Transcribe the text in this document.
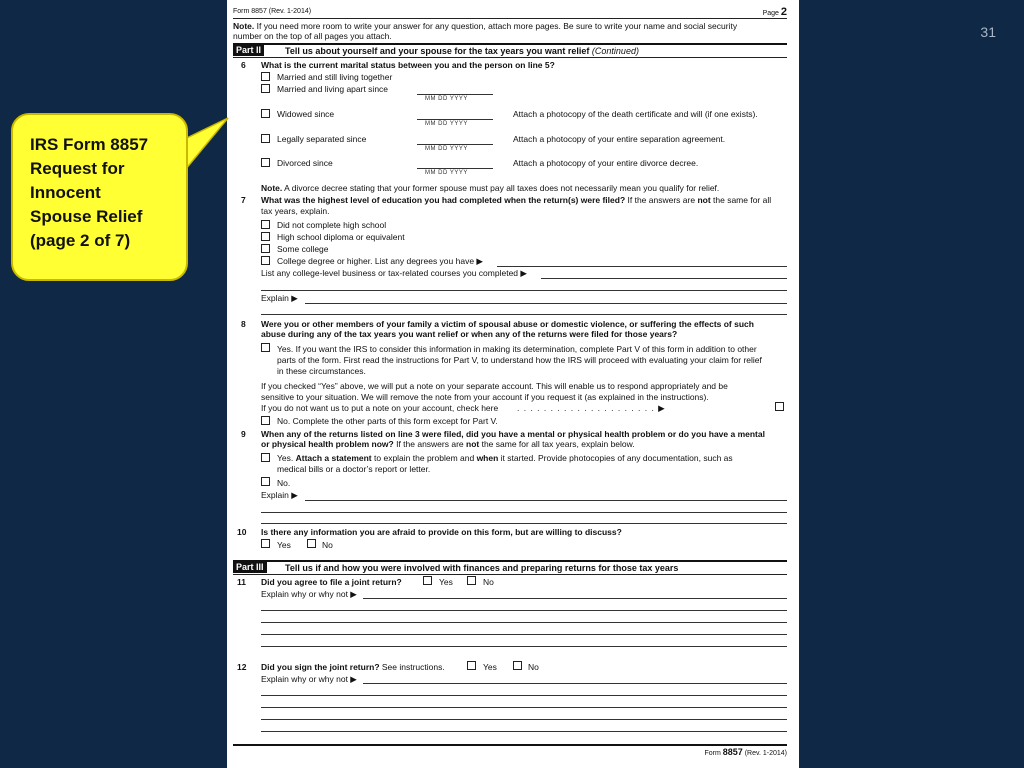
31
IRS Form 8857
Request for
Innocent
Spouse Relief
(page 2 of 7)
Form 8857 (Rev. 1-2014)	Page 2
Note. If you need more room to write your answer for any question, attach more pages. Be sure to write your name and social security
number on the top of all pages you attach.
Part II	Tell us about yourself and your spouse for the tax years you want relief (Continued)
6 What is the current marital status between you and the person on line 5?
Married and still living together
Married and living apart since
MM DD YYYY
Widowed since
MM DD YYYY
Attach a photocopy of the death certificate and will (if one exists).
Legally separated since
MM DD YYYY
Attach a photocopy of your entire separation agreement.
Divorced since
MM DD YYYY
Attach a photocopy of your entire divorce decree.
Note. A divorce decree stating that your former spouse must pay all taxes does not necessarily mean you qualify for relief.
7 What was the highest level of education you had completed when the return(s) were filed? If the answers are not the same for all
tax years, explain.
Did not complete high school
High school diploma or equivalent
Some college
College degree or higher. List any degrees you have ▶
List any college-level business or tax-related courses you completed ▶
Explain ▶
8 Were you or other members of your family a victim of spousal abuse or domestic violence, or suffering the effects of such
abuse during any of the tax years you want relief or when any of the returns were filed for those years?
Yes. If you want the IRS to consider this information in making its determination, complete Part V of this form in addition to other
parts of the form. First read the instructions for Part V, to understand how the IRS will proceed with evaluating your claim for relief
in these circumstances.
If you checked “Yes” above, we will put a note on your separate account. This will enable us to respond appropriately and be
sensitive to your situation. We will remove the note from your account if you request it (as explained in the instructions).
If you do not want us to put a note on your account, check here . . . . . . . . . . . . . . . . . . . . . ▶
No. Complete the other parts of this form except for Part V.
9 When any of the returns listed on line 3 were filed, did you have a mental or physical health problem or do you have a mental
or physical health problem now? If the answers are not the same for all tax years, explain below.
Yes. Attach a statement to explain the problem and when it started. Provide photocopies of any documentation, such as
medical bills or a doctor’s report or letter.
No.
Explain ▶
10 Is there any information you are afraid to provide on this form, but are willing to discuss?
Yes	No
Part III	Tell us if and how you were involved with finances and preparing returns for those tax years
11 Did you agree to file a joint return?	Yes	No
Explain why or why not ▶
12 Did you sign the joint return? See instructions.	Yes	No
Explain why or why not ▶
Form 8857 (Rev. 1-2014)
